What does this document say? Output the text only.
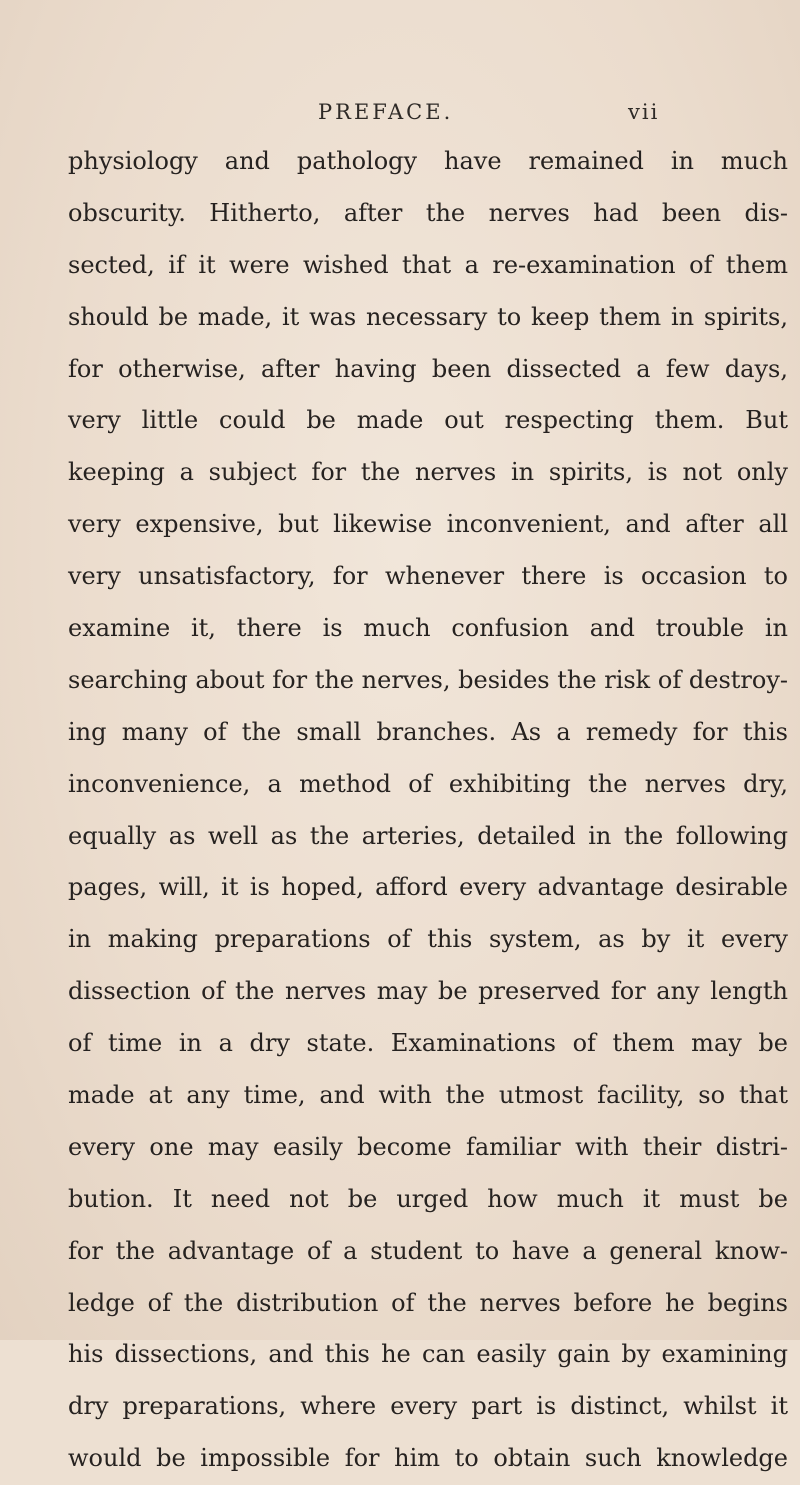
PREFACE.	vii
physiology and pathology have remained in much
obscurity. Hitherto, after the nerves had been dis-
sected, if it were wished that a re-examination of them
should be made, it was necessary to keep them in spirits,
for otherwise, after having been dissected a few days,
very little could be made out respecting them. But
keeping a subject for the nerves in spirits, is not only
very expensive, but likewise inconvenient, and after all
very unsatisfactory, for whenever there is occasion to
examine it, there is much confusion and trouble in
searching about for the nerves, besides the risk of destroy-
ing many of the small branches. As a remedy for this
inconvenience, a method of exhibiting the nerves dry,
equally as well as the arteries, detailed in the following
pages, will, it is hoped, afford every advantage desirable
in making preparations of this system, as by it every
dissection of the nerves may be preserved for any length
of time in a dry state. Examinations of them may be
made at any time, and with the utmost facility, so that
every one may easily become familiar with their distri-
bution. It need not be urged how much it must be
for the advantage of a student to have a general know-
ledge of the distribution of the nerves before he begins
his dissections, and this he can easily gain by examining
dry preparations, where every part is distinct, whilst it
would be impossible for him to obtain such knowledge
